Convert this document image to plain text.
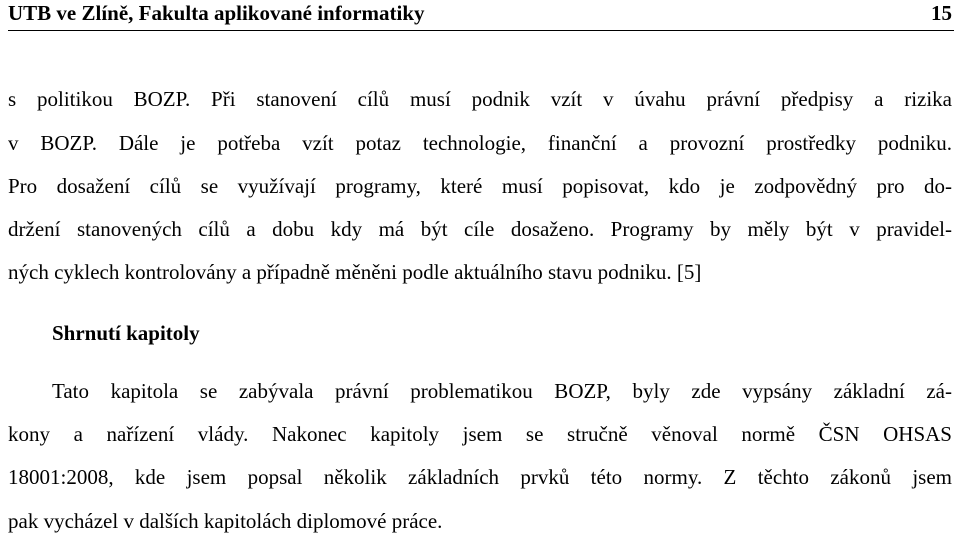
UTB ve Zlíně, Fakulta aplikované informatiky	15
s politikou BOZP. Při stanovení cílů musí podnik vzít v úvahu právní předpisy a rizika
v BOZP. Dále je potřeba vzít potaz technologie, finanční a provozní prostředky podniku.
Pro dosažení cílů se využívají programy, které musí popisovat, kdo je zodpovědný pro do-
držení stanovených cílů a dobu kdy má být cíle dosaženo. Programy by měly být v pravidel-
ných cyklech kontrolovány a případně měněni podle aktuálního stavu podniku. [5]
Shrnutí kapitoly
Tato kapitola se zabývala právní problematikou BOZP, byly zde vypsány základní zá-
kony a nařízení vlády. Nakonec kapitoly jsem se stručně věnoval normě ČSN OHSAS
18001:2008, kde jsem popsal několik základních prvků této normy. Z těchto zákonů jsem
pak vycházel v dalších kapitolách diplomové práce.
